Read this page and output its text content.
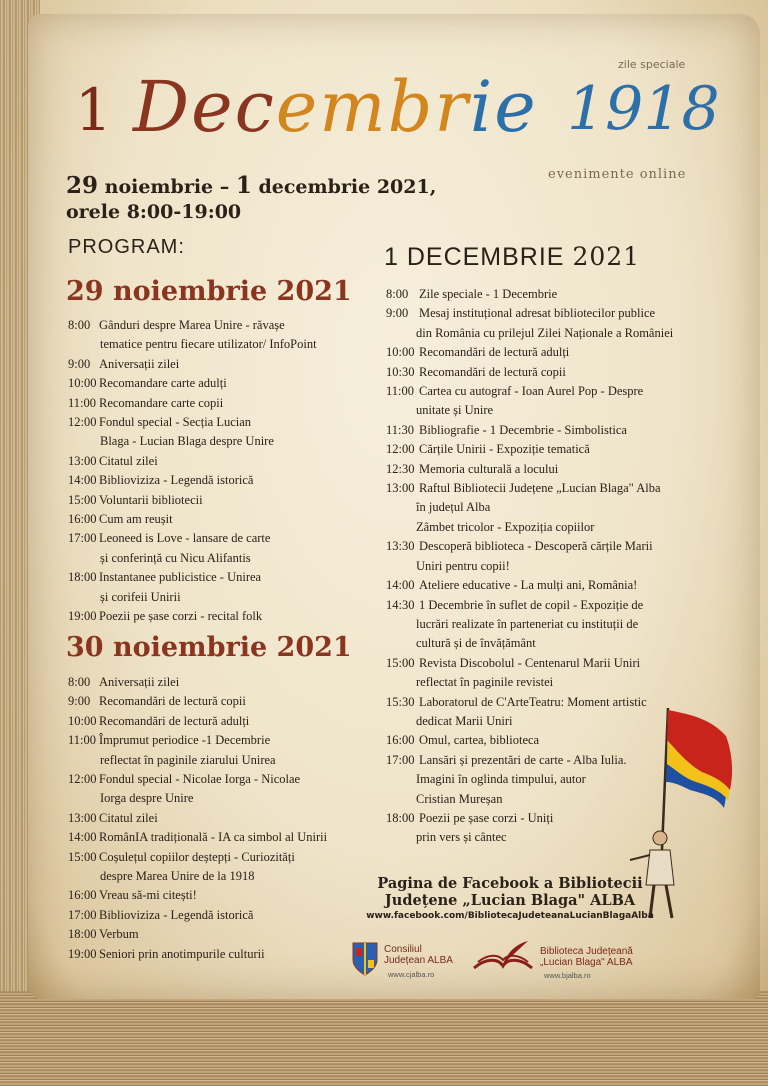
1 Decembrie 1918
zile speciale
evenimente online
29 noiembrie – 1 decembrie 2021,
orele 8:00-19:00
PROGRAM:
29 noiembrie 2021
8:00 Gânduri despre Marea Unire - răvașe
tematice pentru fiecare utilizator/ InfoPoint
9:00 Aniversații zilei
10:00 Recomandare carte adulți
11:00 Recomandare carte copii
12:00 Fondul special - Secția Lucian
Blaga - Lucian Blaga despre Unire
13:00 Citatul zilei
14:00 Biblioviziza - Legendă istorică
15:00 Voluntarii bibliotecii
16:00 Cum am reușit
17:00 Leoneed is Love - lansare de carte
și conferință cu Nicu Alifantis
18:00 Instantanee publicistice - Unirea
și corifeii Unirii
19:00 Poezii pe șase corzi - recital folk
30 noiembrie 2021
8:00 Aniversații zilei
9:00 Recomandări de lectură copii
10:00 Recomandări de lectură adulți
11:00 Împrumut periodice -1 Decembrie
reflectat în paginile ziarului Unirea
12:00 Fondul special - Nicolae Iorga - Nicolae
Iorga despre Unire
13:00 Citatul zilei
14:00 RomânIA tradițională - IA ca simbol al Unirii
15:00 Coșulețul copiilor deștepți - Curiozități
despre Marea Unire de la 1918
16:00 Vreau să-mi citești!
17:00 Biblioviziza - Legendă istorică
18:00 Verbum
19:00 Seniori prin anotimpurile culturii
1 DECEMBRIE 2021
8:00 Zile speciale - 1 Decembrie
9:00 Mesaj instituțional adresat bibliotecilor publice
din România cu prilejul Zilei Naționale a României
10:00 Recomandări de lectură adulți
10:30 Recomandări de lectură copii
11:00 Cartea cu autograf - Ioan Aurel Pop - Despre
unitate și Unire
11:30 Bibliografie - 1 Decembrie - Simbolistica
12:00 Cărțile Unirii - Expoziție tematică
12:30 Memoria culturală a locului
13:00 Raftul Bibliotecii Județene „Lucian Blaga" Alba
în județul Alba
Zâmbet tricolor - Expoziția copiilor
13:30 Descoperă biblioteca - Descoperă cărțile Marii
Uniri pentru copii!
14:00 Ateliere educative - La mulți ani, România!
14:30 1 Decembrie în suflet de copil - Expoziție de
lucrări realizate în parteneriat cu instituții de
cultură și de învățământ
15:00 Revista Discobolul - Centenarul Marii Uniri
reflectat în paginile revistei
15:30 Laboratorul de C'ArteTeatru: Moment artistic
dedicat Marii Uniri
16:00 Omul, cartea, biblioteca
17:00 Lansări și prezentări de carte - Alba Iulia.
Imagini în oglinda timpului, autor
Cristian Mureșan
18:00 Poezii pe șase corzi - Uniți
prin vers și cântec
Pagina de Facebook a Bibliotecii
Județene „Lucian Blaga" ALBA
www.facebook.com/BibliotecaJudeteanaLucianBlagaAlba
Consiliul
Județean ALBA
www.cjalba.ro
Biblioteca Județeană
„Lucian Blaga" ALBA
www.bjalba.ro
